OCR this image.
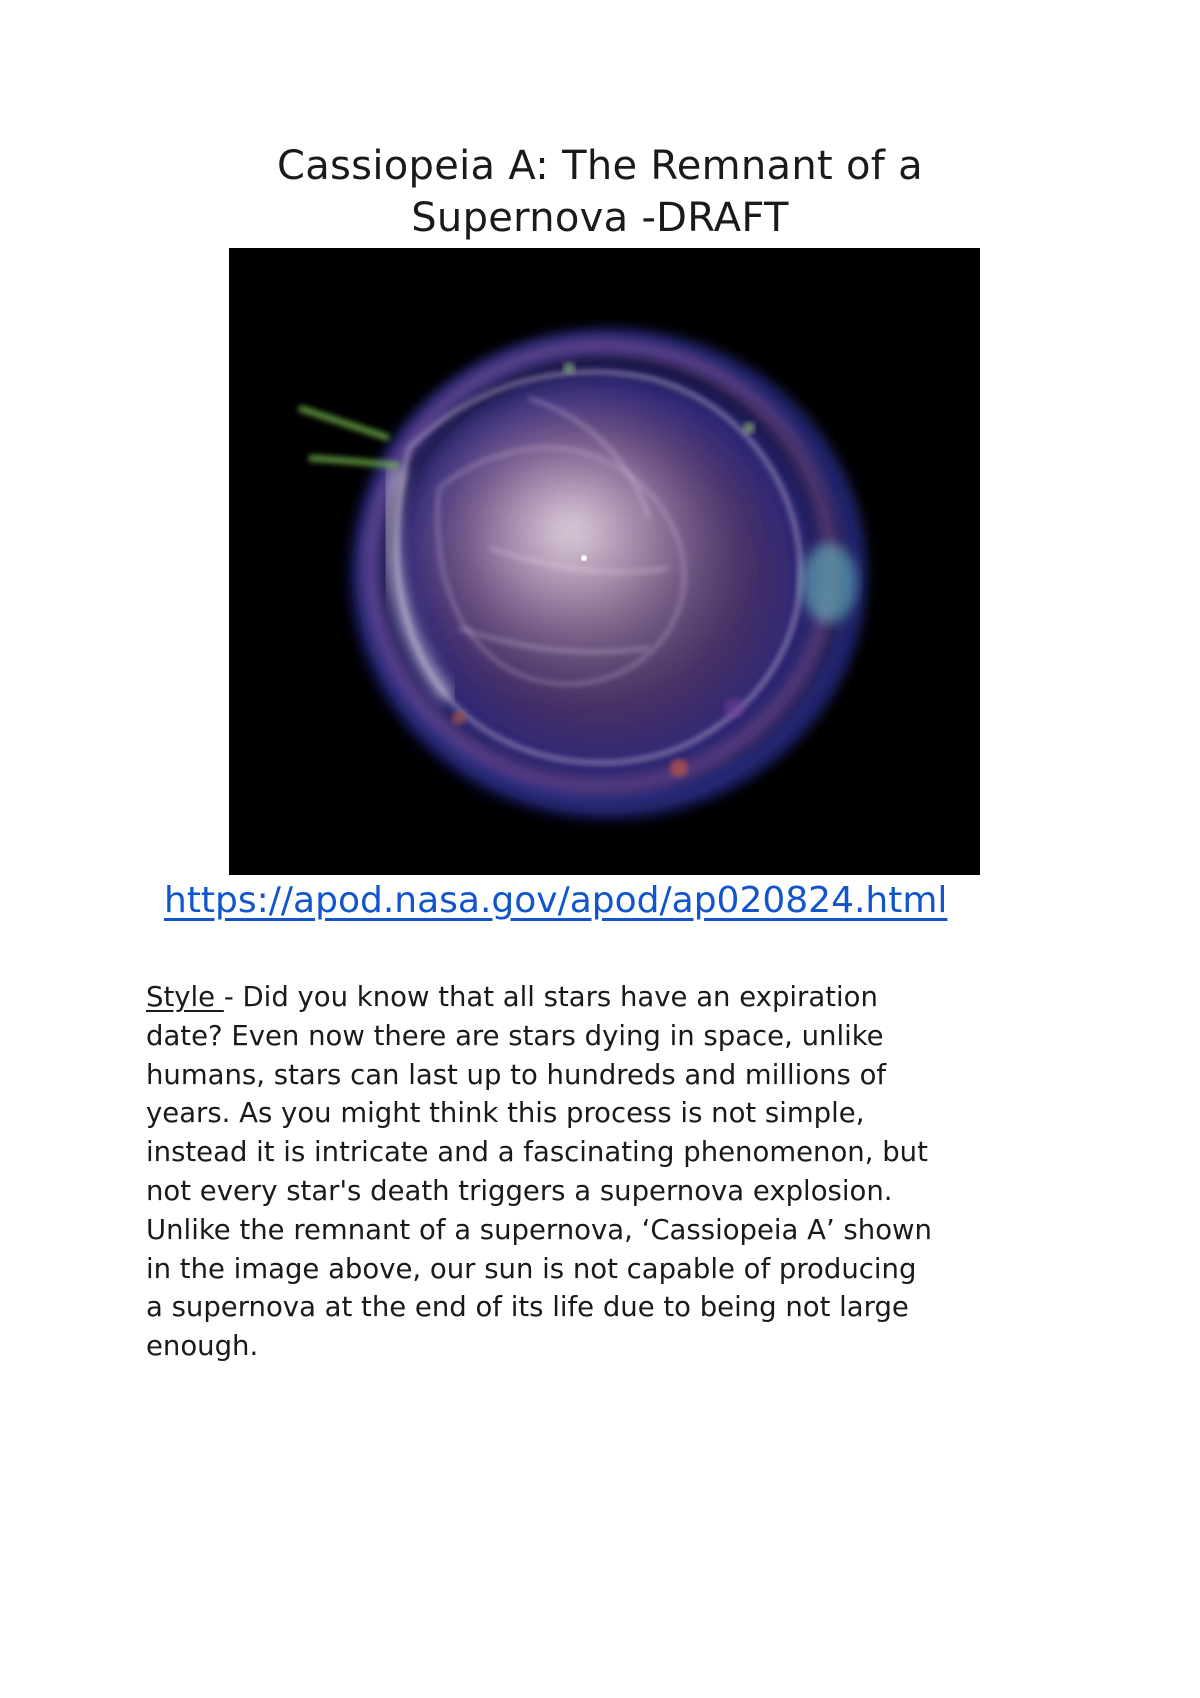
Cassiopeia A: The Remnant of a
Supernova -DRAFT
https://apod.nasa.gov/apod/ap020824.html

Style - Did you know that all stars have an expiration
date? Even now there are stars dying in space, unlike
humans, stars can last up to hundreds and millions of
years. As you might think this process is not simple,
instead it is intricate and a fascinating phenomenon, but
not every star's death triggers a supernova explosion.
Unlike the remnant of a supernova, ‘Cassiopeia A’ shown
in the image above, our sun is not capable of producing
a supernova at the end of its life due to being not large
enough.
